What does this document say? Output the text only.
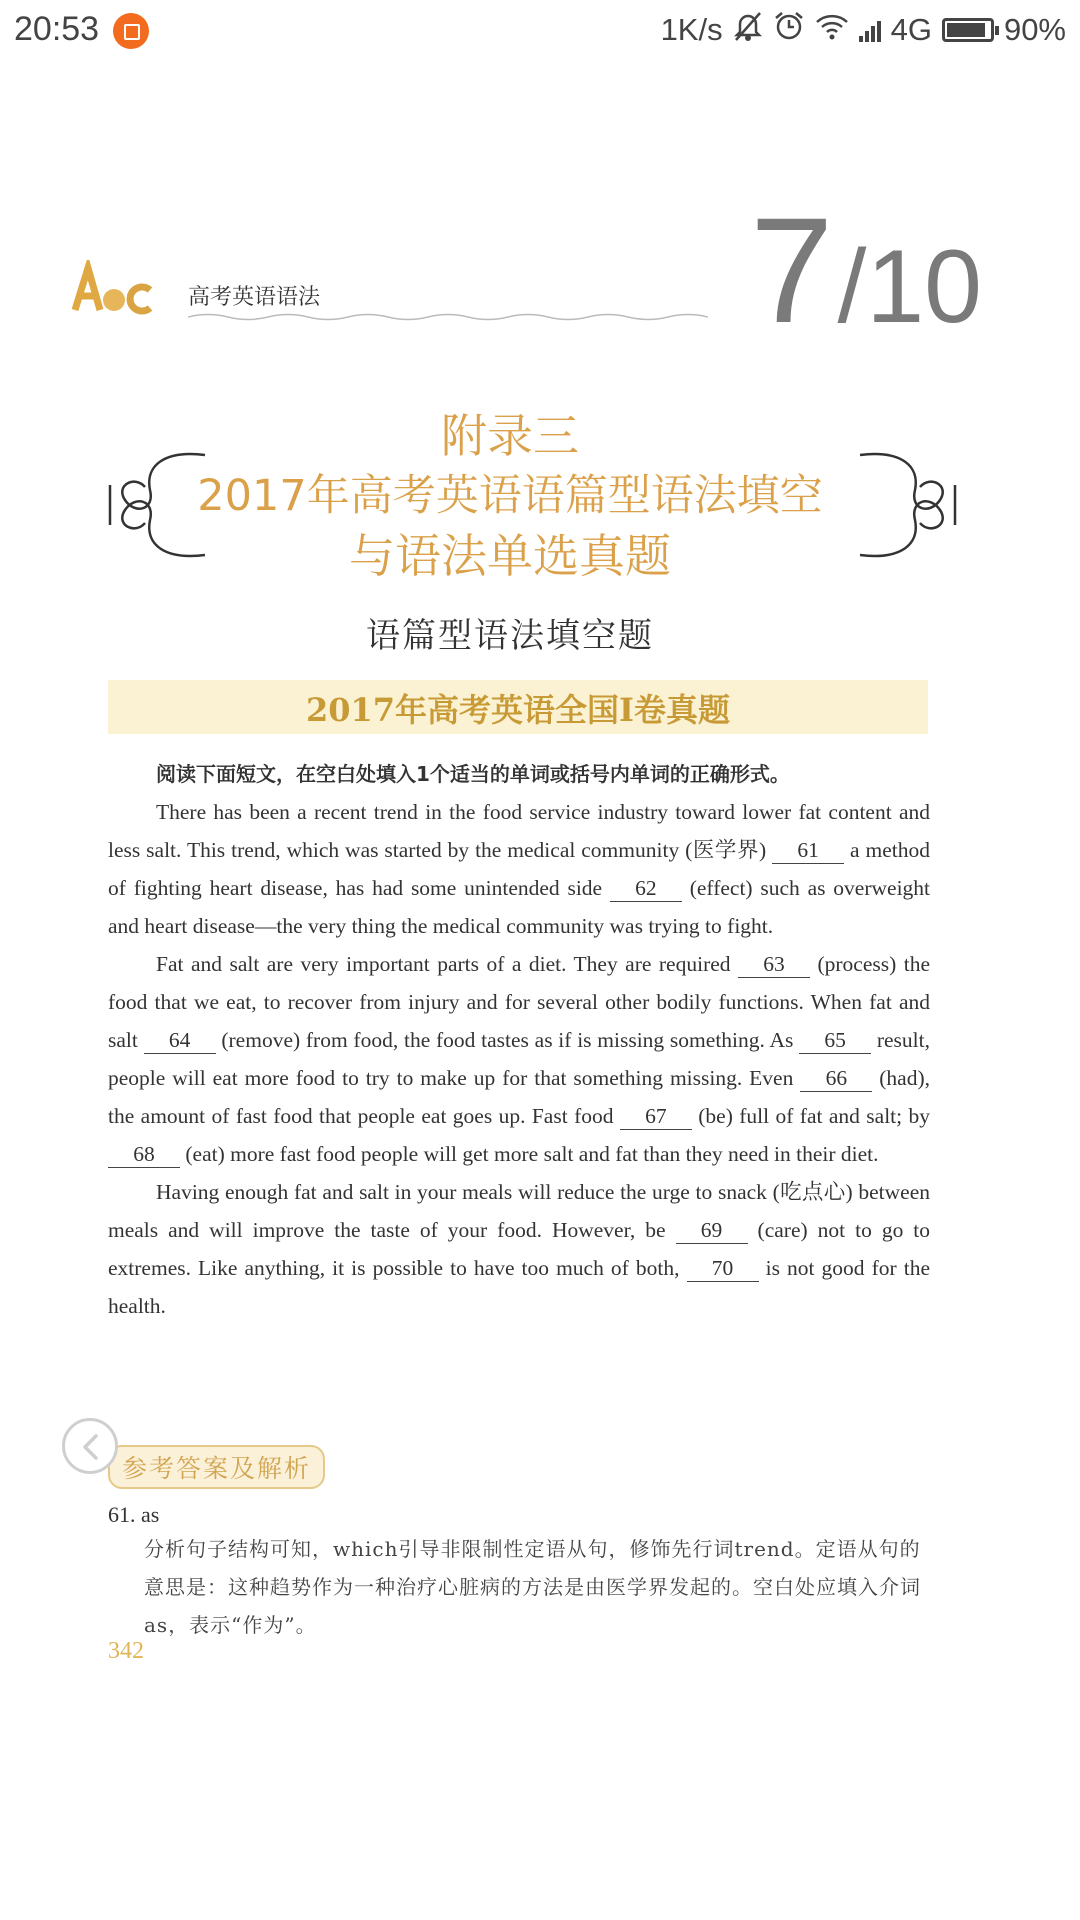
20:53	1K/s	4G 90%
7/10
高考英语语法
附录三
2017年高考英语语篇型语法填空
与语法单选真题
语篇型语法填空题
2017年高考英语全国I卷真题

阅读下面短文，在空白处填入1个适当的单词或括号内单词的正确形式。

There has been a recent trend in the food service industry toward lower fat content and less salt. This trend, which was started by the medical community (医学界) 61 a method of fighting heart disease, has had some unintended side 62 (effect) such as overweight and heart disease—the very thing the medical community was trying to fight.

Fat and salt are very important parts of a diet. They are required 63 (process) the food that we eat, to recover from injury and for several other bodily functions. When fat and salt 64 (remove) from food, the food tastes as if is missing something. As 65 result, people will eat more food to try to make up for that something missing. Even 66 (had), the amount of fast food that people eat goes up. Fast food 67 (be) full of fat and salt; by 68 (eat) more fast food people will get more salt and fat than they need in their diet.

Having enough fat and salt in your meals will reduce the urge to snack (吃点心) between meals and will improve the taste of your food. However, be 69 (care) not to go to extremes. Like anything, it is possible to have too much of both, 70 is not good for the health.

参考答案及解析
61. as
分析句子结构可知，which引导非限制性定语从句，修饰先行词trend。定语从句的意思是：这种趋势作为一种治疗心脏病的方法是由医学界发起的。空白处应填入介词as，表示“作为”。
342
